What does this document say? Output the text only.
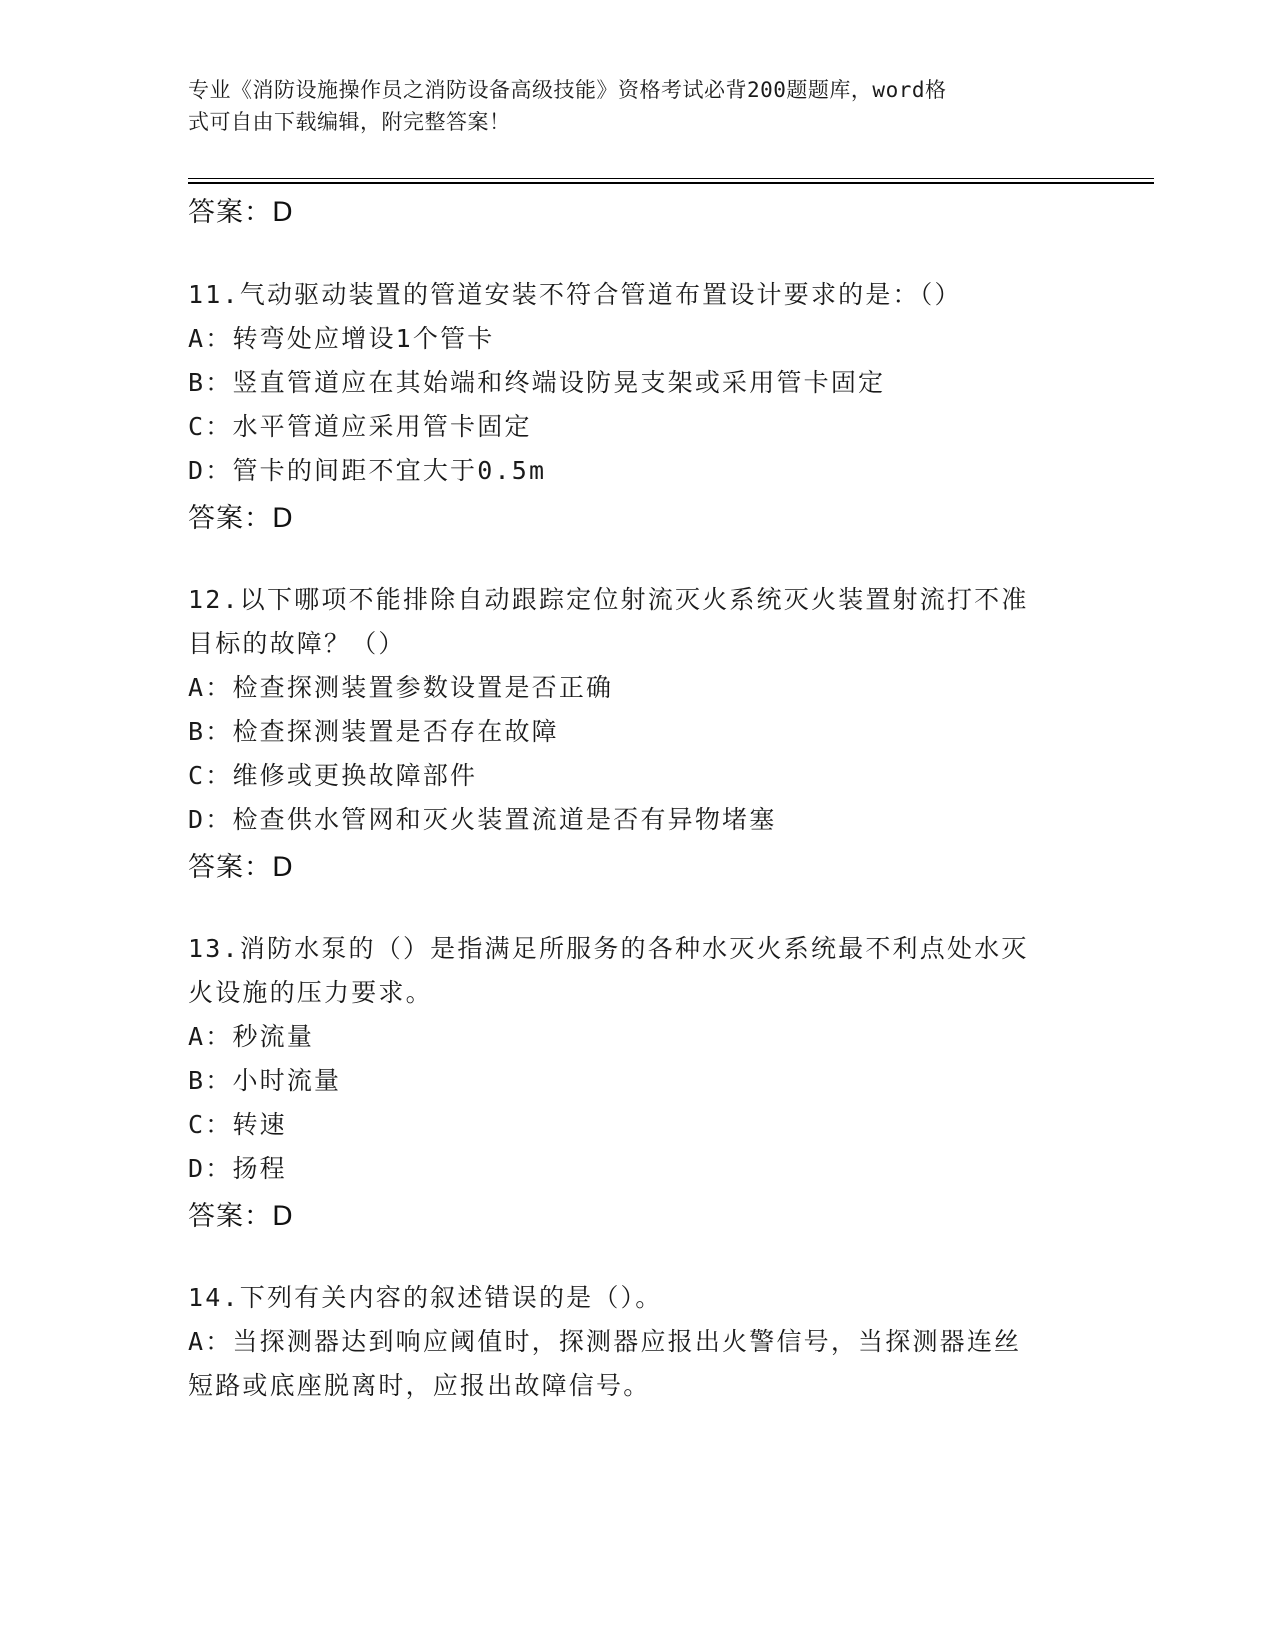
专业《消防设施操作员之消防设备高级技能》资格考试必背200题题库，word格
式可自由下载编辑，附完整答案！
答案：D
11.气动驱动装置的管道安装不符合管道布置设计要求的是：（）
A：转弯处应增设1个管卡
B：竖直管道应在其始端和终端设防晃支架或采用管卡固定
C：水平管道应采用管卡固定
D：管卡的间距不宜大于0.5m
答案：D
12.以下哪项不能排除自动跟踪定位射流灭火系统灭火装置射流打不准
目标的故障？（）
A：检查探测装置参数设置是否正确
B：检查探测装置是否存在故障
C：维修或更换故障部件
D：检查供水管网和灭火装置流道是否有异物堵塞
答案：D
13.消防水泵的（）是指满足所服务的各种水灭火系统最不利点处水灭
火设施的压力要求。
A：秒流量
B：小时流量
C：转速
D：扬程
答案：D
14.下列有关内容的叙述错误的是（）。
A：当探测器达到响应阈值时，探测器应报出火警信号，当探测器连丝
短路或底座脱离时，应报出故障信号。
